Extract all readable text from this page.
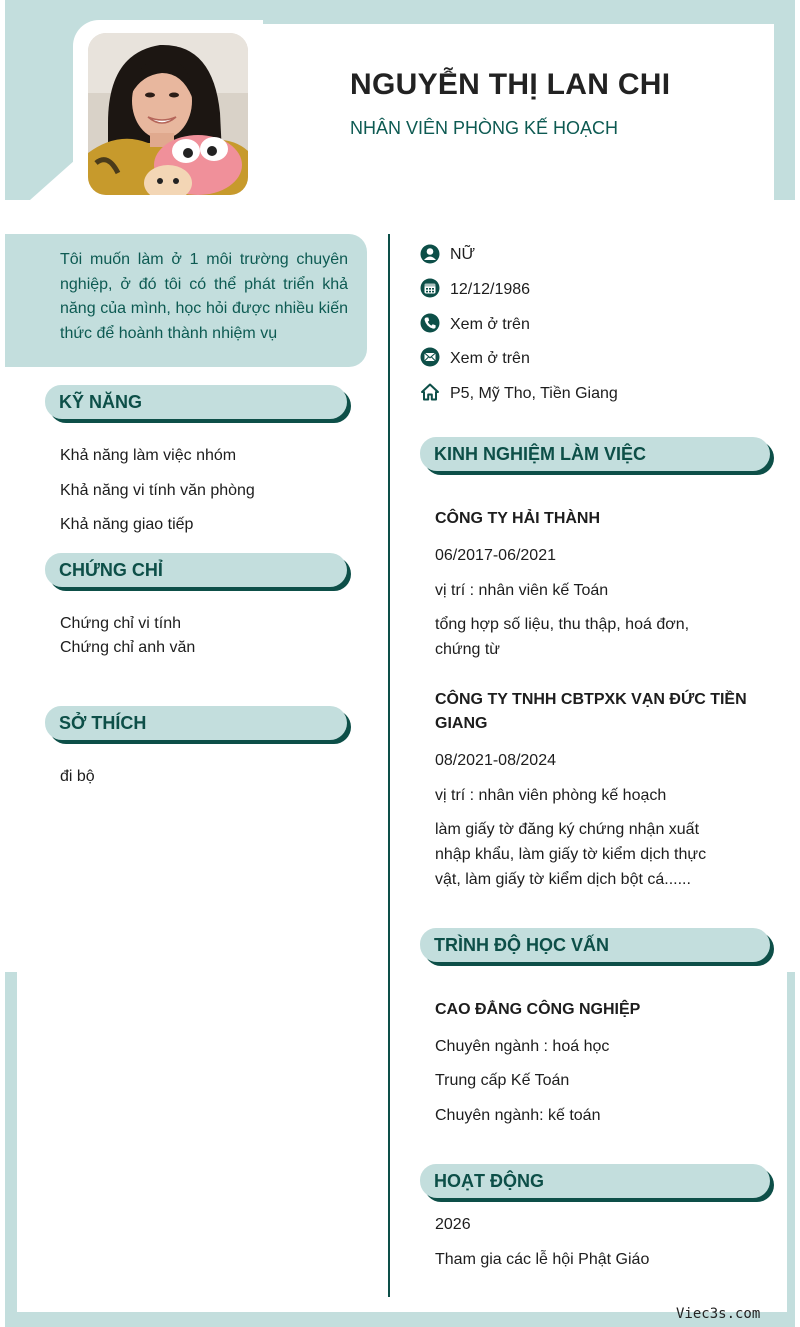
NGUYỄN THỊ LAN CHI
NHÂN VIÊN PHÒNG KẾ HOẠCH

Tôi muốn làm ở 1 môi trường chuyên nghiệp, ở đó tôi có thể phát triển khả năng của mình, học hỏi được nhiều kiến thức để hoành thành nhiệm vụ

KỸ NĂNG
Khả năng làm việc nhóm
Khả năng vi tính văn phòng
Khả năng giao tiếp
CHỨNG CHỈ
Chứng chỉ vi tính
Chứng chỉ anh văn
SỞ THÍCH
đi bộ
NỮ
12/12/1986
Xem ở trên
Xem ở trên
P5, Mỹ Tho, Tiền Giang
KINH NGHIỆM LÀM VIỆC
CÔNG TY HẢI THÀNH
06/2017-06/2021
vị trí : nhân viên kế Toán
tổng hợp số liệu, thu thập, hoá đơn, chứng từ
CÔNG TY TNHH CBTPXK VẠN ĐỨC TIỀN GIANG
08/2021-08/2024
vị trí : nhân viên phòng kế hoạch
làm giấy tờ đăng ký chứng nhận xuất nhập khẩu, làm giấy tờ kiểm dịch thực vật, làm giấy tờ kiểm dịch bột cá......
TRÌNH ĐỘ HỌC VẤN
CAO ĐẲNG CÔNG NGHIỆP
Chuyên ngành : hoá học
Trung cấp Kế Toán
Chuyên ngành: kế toán
HOẠT ĐỘNG
2026
Tham gia các lễ hội Phật Giáo
Viec3s.com
